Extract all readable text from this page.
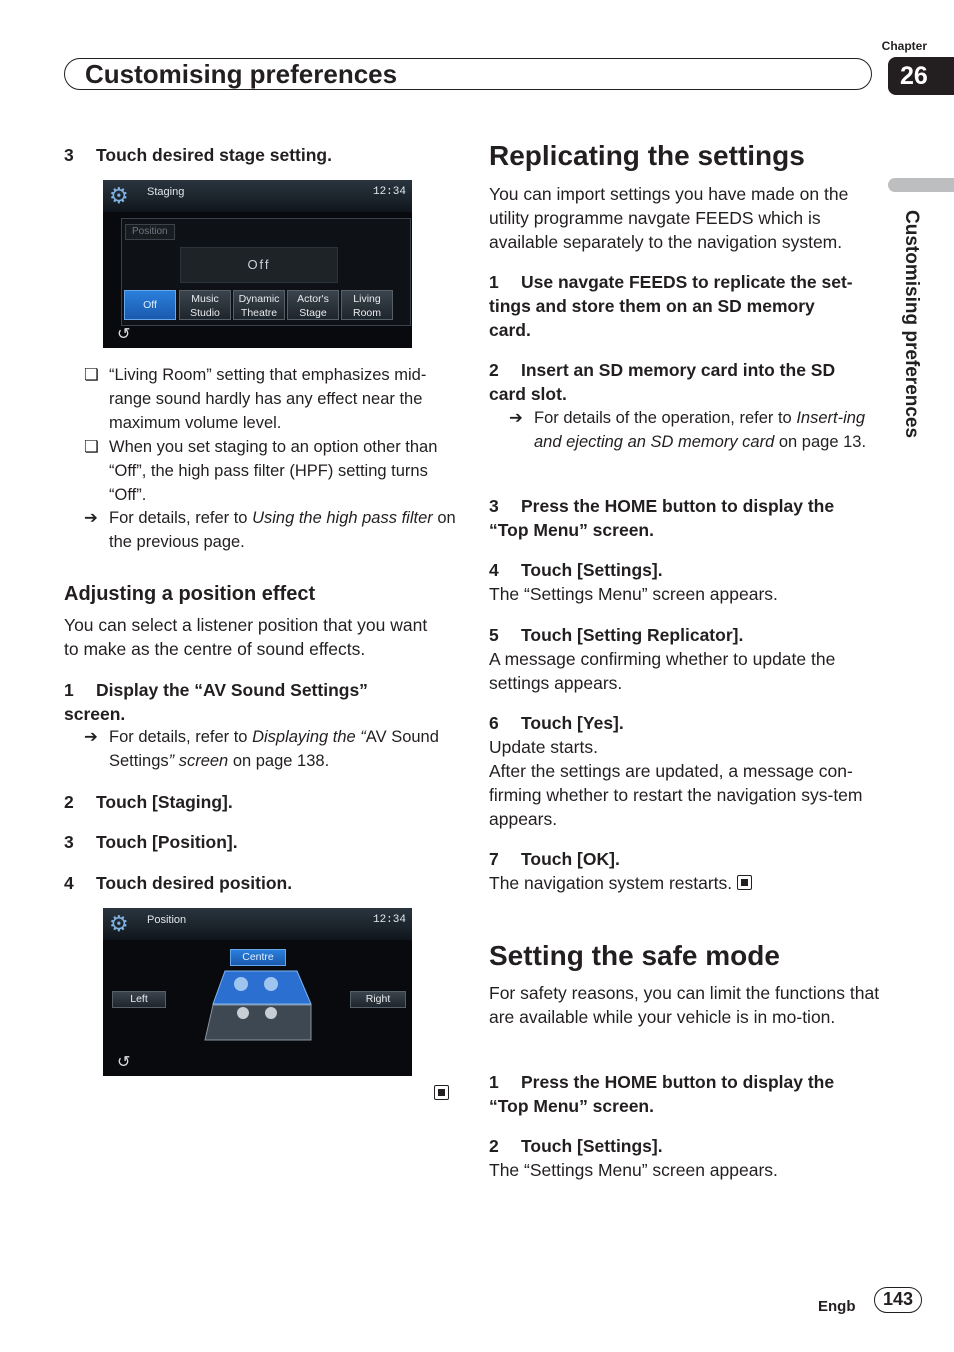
Chapter
Customising preferences	26
Customising preferences
3 Touch desired stage setting.
⚙	Staging	12:34
Position
Off
Off	Music Studio
Dynamic Theatre
Actor's Stage
Living Room
↺
❏ “Living Room” setting that emphasizes mid-range sound hardly has any effect near the maximum volume level.
❏ When you set staging to an option other than “Off”, the high pass filter (HPF) setting turns “Off”.
➔ For details, refer to Using the high pass filter on the previous page.
Adjusting a position effect
You can select a listener position that you want to make as the centre of sound effects.
1 Display the “AV Sound Settings”
screen.
➔ For details, refer to Displaying the “AV Sound Settings” screen on page 138.
2 Touch [Staging].
3 Touch [Position].
4 Touch desired position.
⚙	Position	12:34
Centre
Left	Right
↺
Replicating the settings
You can import settings you have made on the utility programme navgate FEEDS which is available separately to the navigation system.
1 Use navgate FEEDS to replicate the set-
tings and store them on an SD memory
card.
2 Insert an SD memory card into the SD
card slot.
➔ For details of the operation, refer to Insert-ing and ejecting an SD memory card on page 13.
3 Press the HOME button to display the
“Top Menu” screen.
4 Touch [Settings].
The “Settings Menu” screen appears.
5 Touch [Setting Replicator].
A message confirming whether to update the settings appears.
6 Touch [Yes].
Update starts.
After the settings are updated, a message con-firming whether to restart the navigation sys-tem appears.
7 Touch [OK].
The navigation system restarts.
Setting the safe mode
For safety reasons, you can limit the functions that are available while your vehicle is in mo-tion.
1 Press the HOME button to display the
“Top Menu” screen.
2 Touch [Settings].
The “Settings Menu” screen appears.
Engb	143
